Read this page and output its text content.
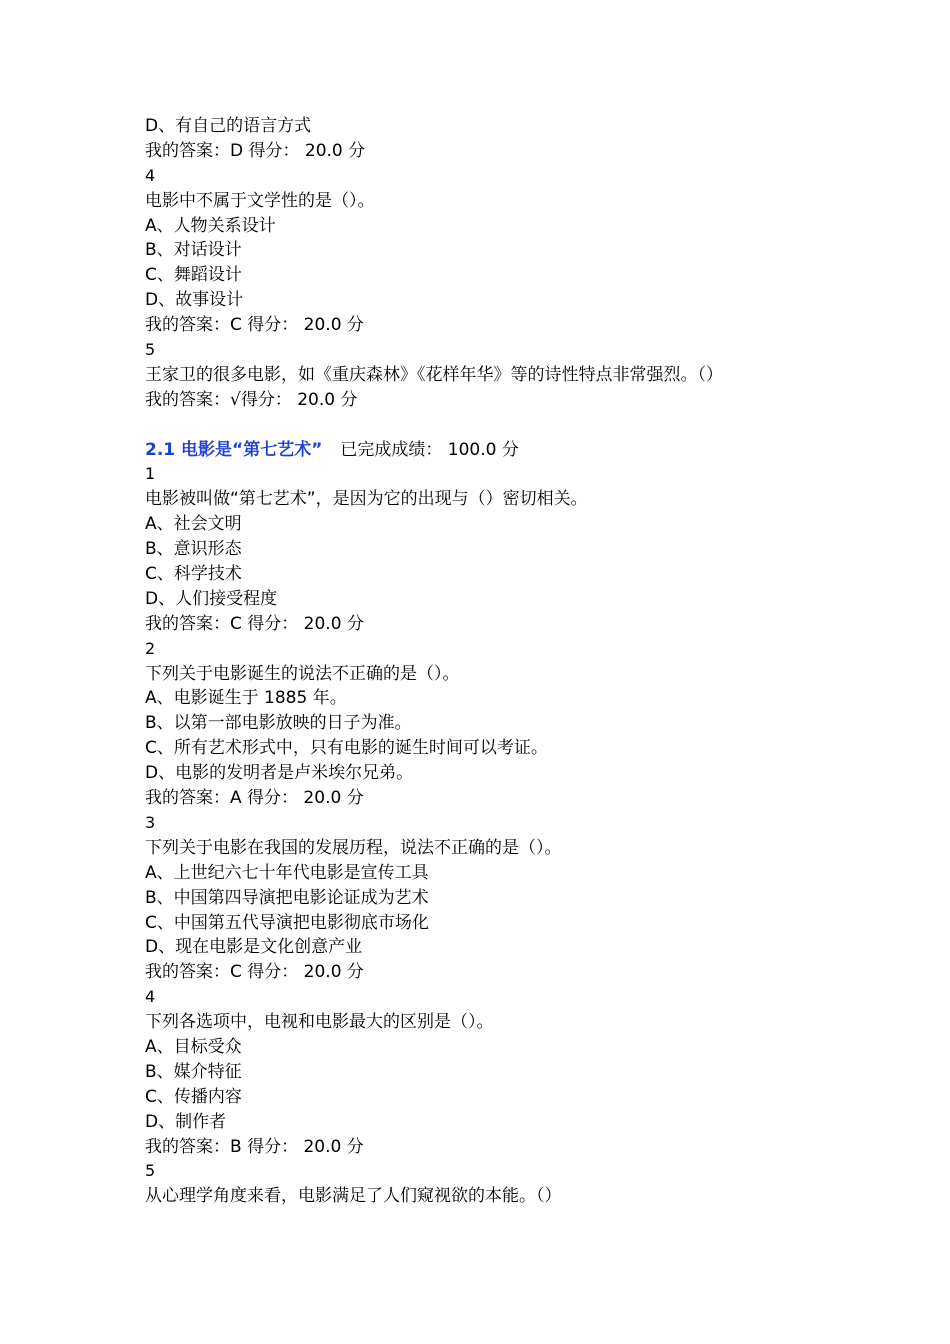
D、有自己的语言方式
我的答案：D 得分： 20.0 分
4
电影中不属于文学性的是（）。
A、人物关系设计
B、对话设计
C、舞蹈设计
D、故事设计
我的答案：C 得分： 20.0 分
5
王家卫的很多电影，如《重庆森林》《花样年华》等的诗性特点非常强烈。（）
我的答案：√得分： 20.0 分
2.1 电影是“第七艺术” 已完成成绩： 100.0 分
1
电影被叫做“第七艺术”，是因为它的出现与（）密切相关。
A、社会文明
B、意识形态
C、科学技术
D、人们接受程度
我的答案：C 得分： 20.0 分
2
下列关于电影诞生的说法不正确的是（）。
A、电影诞生于 1885 年。
B、以第一部电影放映的日子为准。
C、所有艺术形式中，只有电影的诞生时间可以考证。
D、电影的发明者是卢米埃尔兄弟。
我的答案：A 得分： 20.0 分
3
下列关于电影在我国的发展历程，说法不正确的是（）。
A、上世纪六七十年代电影是宣传工具
B、中国第四导演把电影论证成为艺术
C、中国第五代导演把电影彻底市场化
D、现在电影是文化创意产业
我的答案：C 得分： 20.0 分
4
下列各选项中，电视和电影最大的区别是（）。
A、目标受众
B、媒介特征
C、传播内容
D、制作者
我的答案：B 得分： 20.0 分
5
从心理学角度来看，电影满足了人们窥视欲的本能。（）
